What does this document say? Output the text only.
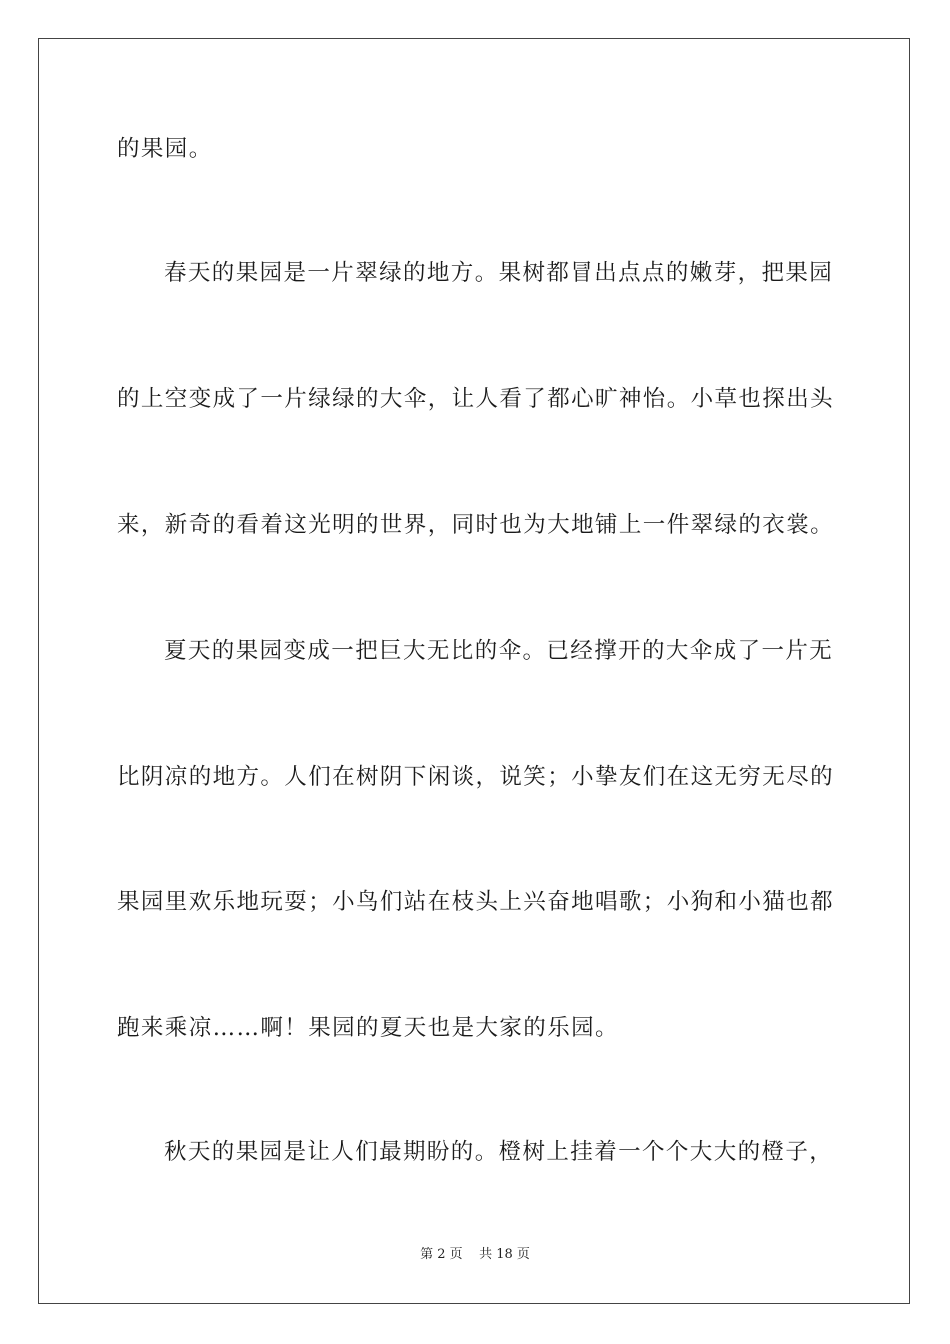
的果园。
春天的果园是一片翠绿的地方。果树都冒出点点的嫩芽，把果园
的上空变成了一片绿绿的大伞，让人看了都心旷神怡。小草也探出头
来，新奇的看着这光明的世界，同时也为大地铺上一件翠绿的衣裳。
夏天的果园变成一把巨大无比的伞。已经撑开的大伞成了一片无
比阴凉的地方。人们在树阴下闲谈，说笑；小挚友们在这无穷无尽的
果园里欢乐地玩耍；小鸟们站在枝头上兴奋地唱歌；小狗和小猫也都
跑来乘凉……啊！果园的夏天也是大家的乐园。
秋天的果园是让人们最期盼的。橙树上挂着一个个大大的橙子，
第 2 页    共 18 页
